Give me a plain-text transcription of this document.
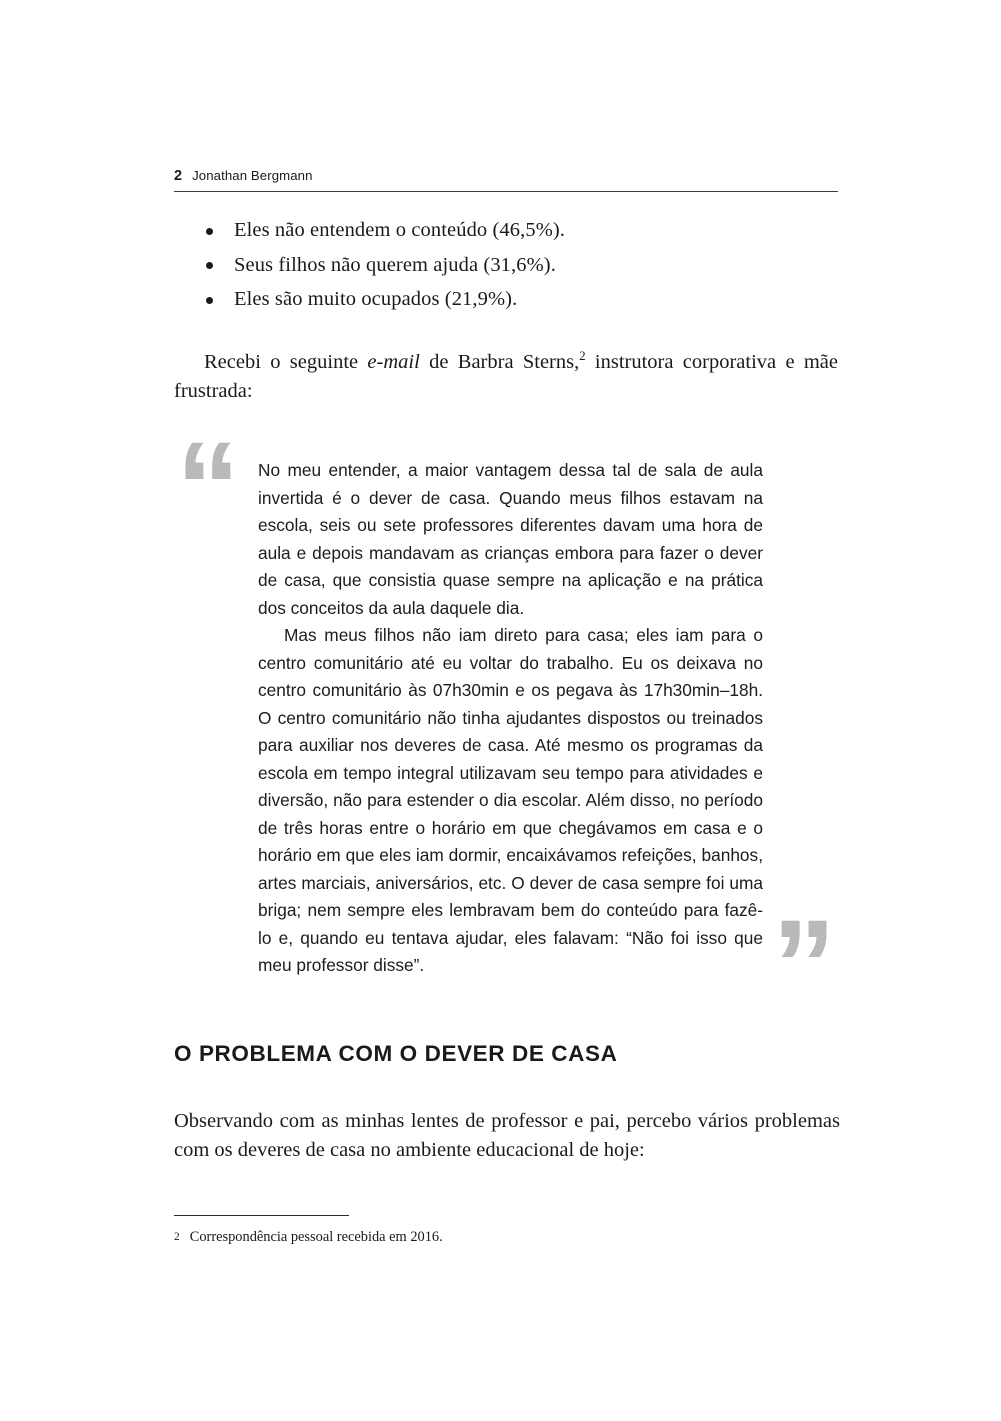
2 Jonathan Bergmann
Eles não entendem o conteúdo (46,5%).
Seus filhos não querem ajuda (31,6%).
Eles são muito ocupados (21,9%).

Recebi o seguinte e-mail de Barbra Sterns,$^2$ instrutora corporativa e mãe frustrada:

“
”

No meu entender, a maior vantagem dessa tal de sala de aula invertida é o dever de casa. Quando meus filhos estavam na escola, seis ou sete professores diferentes davam uma hora de aula e depois mandavam as crianças embora para fazer o dever de casa, que consistia quase sempre na aplicação e na prática dos conceitos da aula daquele dia.

Mas meus filhos não iam direto para casa; eles iam para o centro comunitário até eu voltar do trabalho. Eu os deixava no centro comunitário às 07h30min e os pegava às 17h30min–18h. O centro comunitário não tinha ajudantes dispostos ou treinados para auxiliar nos deveres de casa. Até mesmo os programas da escola em tempo integral utilizavam seu tempo para atividades e diversão, não para estender o dia escolar. Além disso, no período de três horas entre o horário em que chegávamos em casa e o horário em que eles iam dormir, encaixávamos refeições, banhos, artes marciais, aniversários, etc. O dever de casa sempre foi uma briga; nem sempre eles lembravam bem do conteúdo para fazê-lo e, quando eu tentava ajudar, eles falavam: “Não foi isso que meu professor disse”.

O PROBLEMA COM O DEVER DE CASA

Observando com as minhas lentes de professor e pai, percebo vários problemas com os deveres de casa no ambiente educacional de hoje:

2 Correspondência pessoal recebida em 2016.
